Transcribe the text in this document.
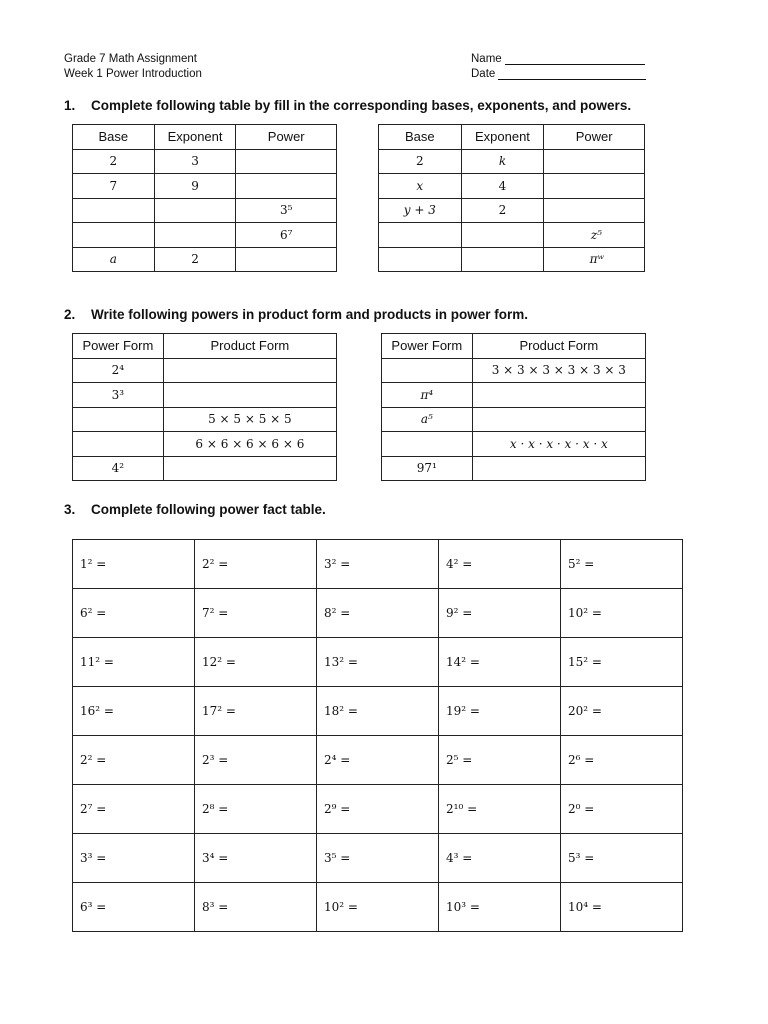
Grade 7 Math Assignment
Week 1 Power Introduction
Name
Date
1. Complete following table by fill in the corresponding bases, exponents, and powers.
Base	Exponent	Power
2	3	
7	9	
		3⁵
		6⁷
a	2	
Base	Exponent	Power
2	k	
x	4	
y + 3	2	
		z⁵
		πʷ
2. Write following powers in product form and products in power form.
Power Form	Product Form
2⁴	
3³	
	5 × 5 × 5 × 5
	6 × 6 × 6 × 6 × 6
4²	
Power Form	Product Form
	3 × 3 × 3 × 3 × 3 × 3
π⁴	
a⁵	
	x · x · x · x · x · x
97¹	
3. Complete following power fact table.
1² =	2² =	3² =	4² =	5² =
6² =	7² =	8² =	9² =	10² =
11² =	12² =	13² =	14² =	15² =
16² =	17² =	18² =	19² =	20² =
2² =	2³ =	2⁴ =	2⁵ =	2⁶ =
2⁷ =	2⁸ =	2⁹ =	2¹⁰ =	2⁰ =
3³ =	3⁴ =	3⁵ =	4³ =	5³ =
6³ =	8³ =	10² =	10³ =	10⁴ =
